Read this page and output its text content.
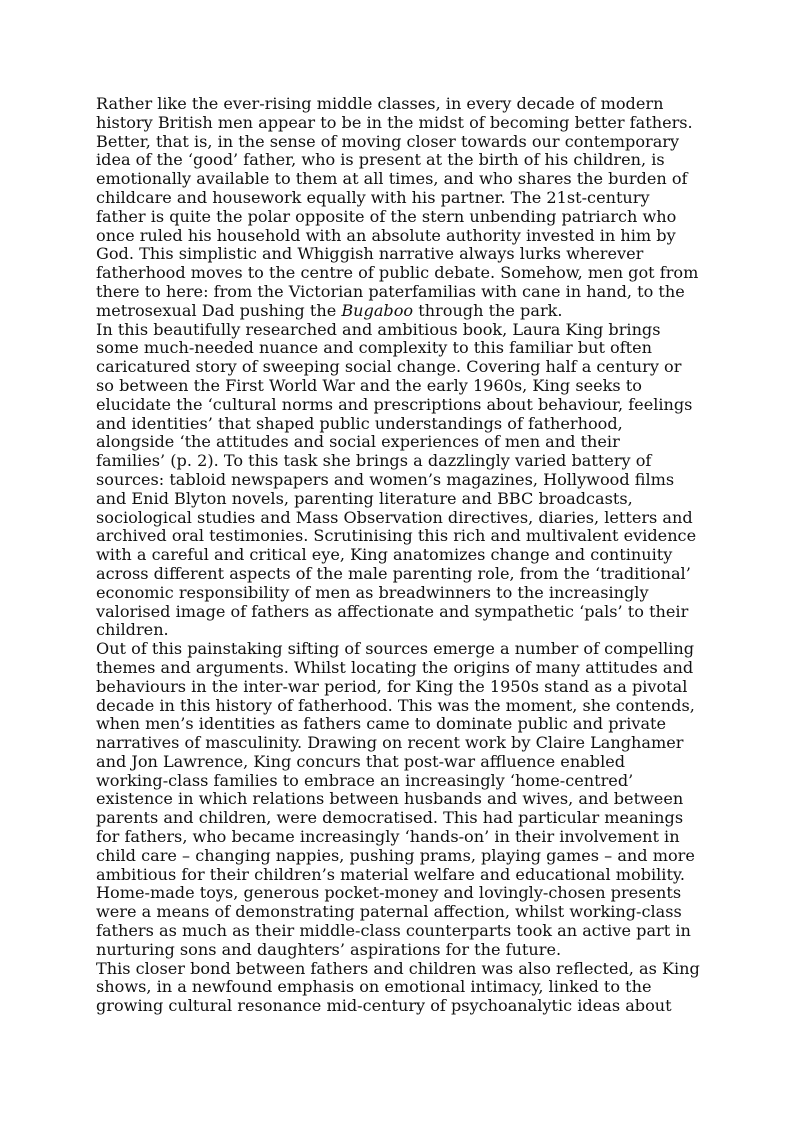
Rather like the ever-rising middle classes, in every decade of modern
history British men appear to be in the midst of becoming better fathers.
Better, that is, in the sense of moving closer towards our contemporary
idea of the ‘good’ father, who is present at the birth of his children, is
emotionally available to them at all times, and who shares the burden of
childcare and housework equally with his partner. The 21st-century
father is quite the polar opposite of the stern unbending patriarch who
once ruled his household with an absolute authority invested in him by
God. This simplistic and Whiggish narrative always lurks wherever
fatherhood moves to the centre of public debate. Somehow, men got from
there to here: from the Victorian paterfamilias with cane in hand, to the
metrosexual Dad pushing the Bugaboo through the park.

In this beautifully researched and ambitious book, Laura King brings
some much-needed nuance and complexity to this familiar but often
caricatured story of sweeping social change. Covering half a century or
so between the First World War and the early 1960s, King seeks to
elucidate the ‘cultural norms and prescriptions about behaviour, feelings
and identities’ that shaped public understandings of fatherhood,
alongside ‘the attitudes and social experiences of men and their
families’ (p. 2). To this task she brings a dazzlingly varied battery of
sources: tabloid newspapers and women’s magazines, Hollywood films
and Enid Blyton novels, parenting literature and BBC broadcasts,
sociological studies and Mass Observation directives, diaries, letters and
archived oral testimonies. Scrutinising this rich and multivalent evidence
with a careful and critical eye, King anatomizes change and continuity
across different aspects of the male parenting role, from the ‘traditional’
economic responsibility of men as breadwinners to the increasingly
valorised image of fathers as affectionate and sympathetic ‘pals’ to their
children.

Out of this painstaking sifting of sources emerge a number of compelling
themes and arguments. Whilst locating the origins of many attitudes and
behaviours in the inter-war period, for King the 1950s stand as a pivotal
decade in this history of fatherhood. This was the moment, she contends,
when men’s identities as fathers came to dominate public and private
narratives of masculinity. Drawing on recent work by Claire Langhamer
and Jon Lawrence, King concurs that post-war affluence enabled
working-class families to embrace an increasingly ‘home-centred’
existence in which relations between husbands and wives, and between
parents and children, were democratised. This had particular meanings
for fathers, who became increasingly ‘hands-on’ in their involvement in
child care – changing nappies, pushing prams, playing games – and more
ambitious for their children’s material welfare and educational mobility.
Home-made toys, generous pocket-money and lovingly-chosen presents
were a means of demonstrating paternal affection, whilst working-class
fathers as much as their middle-class counterparts took an active part in
nurturing sons and daughters’ aspirations for the future.

This closer bond between fathers and children was also reflected, as King
shows, in a newfound emphasis on emotional intimacy, linked to the
growing cultural resonance mid-century of psychoanalytic ideas about
